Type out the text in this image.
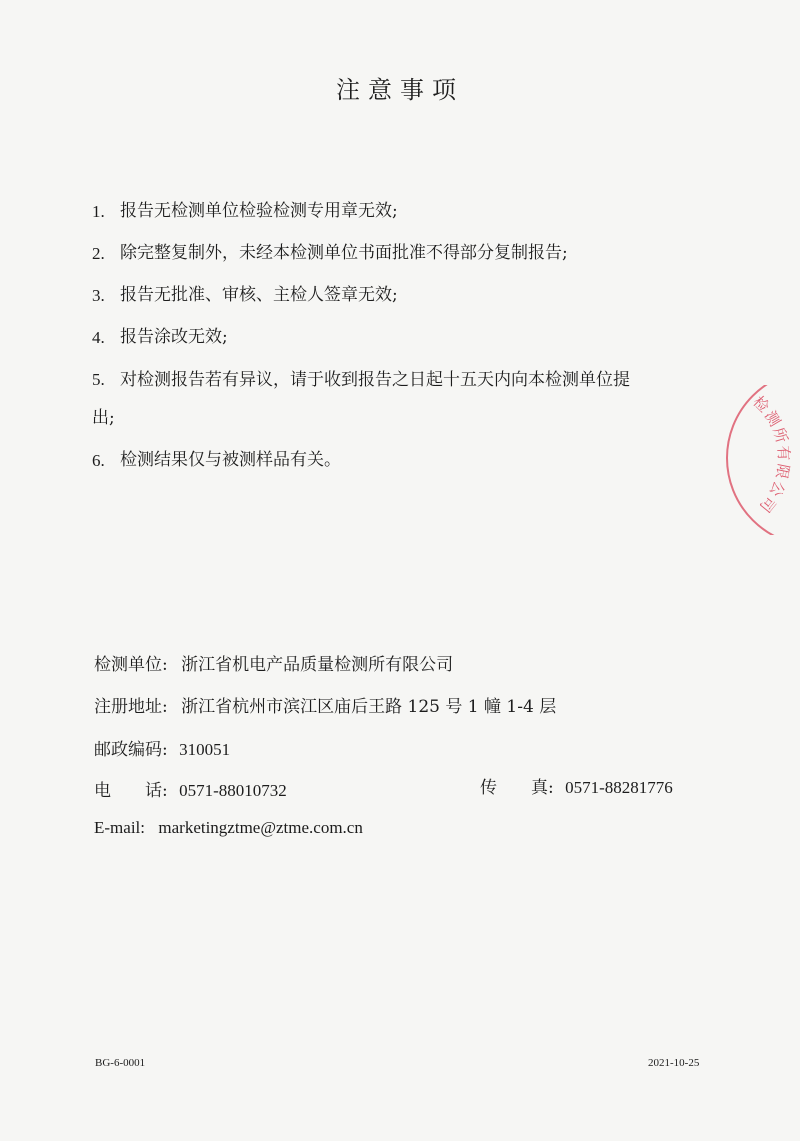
注意事项
1. 报告无检测单位检验检测专用章无效;
2. 除完整复制外，未经本检测单位书面批准不得部分复制报告;
3. 报告无批准、审核、主检人签章无效;
4. 报告涂改无效;
5. 对检测报告若有异议，请于收到报告之日起十五天内向本检测单位提
出;
6. 检测结果仅与被测样品有关。
检测单位: 浙江省机电产品质量检测所有限公司
注册地址: 浙江省杭州市滨江区庙后王路 125 号 1 幢 1-4 层
邮政编码: 310051
电　　话: 0571-88010732	传　　真: 0571-88281776
E-mail: marketingztme@ztme.com.cn
BG-6-0001	2021-10-25
检测所有限公司
